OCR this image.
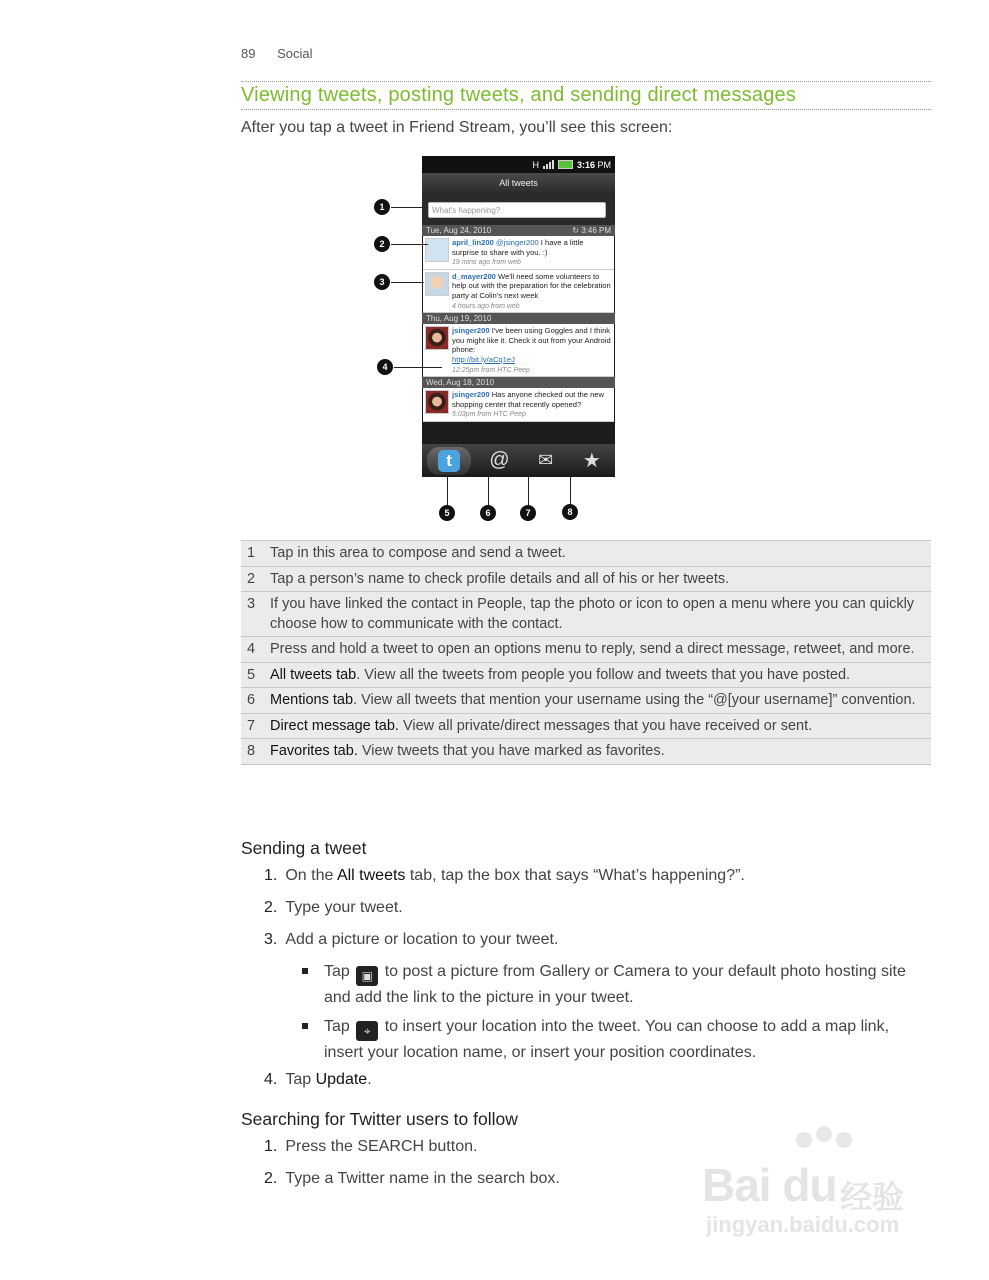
89 Social
Viewing tweets, posting tweets, and sending direct messages
After you tap a tweet in Friend Stream, you’ll see this screen:
H	3:16 PM
All tweets
What's happening?
Tue, Aug 24, 2010	↻ 3:46 PM
april_lin200 @jsinger200 I have a little surprise to share with you. :)
19 mins ago from web
d_mayer200 We'll need some volunteers to help out with the preparation for the celebration party at Colin's next week
4 hours ago from web
Thu, Aug 19, 2010
jsinger200 I've been using Goggles and I think you might like it. Check it out from your Android phone:
http://bit.ly/aCq1eJ
12:25pm from HTC Peep
Wed, Aug 18, 2010
jsinger200 Has anyone checked out the new shopping center that recently opened?
5:03pm from HTC Peep
t	@ ✉ ★
1
2
3
4
5	6	7	8
1	Tap in this area to compose and send a tweet.
2	Tap a person’s name to check profile details and all of his or her tweets.
3	If you have linked the contact in People, tap the photo or icon to open a menu where you can quickly choose how to communicate with the contact.
4	Press and hold a tweet to open an options menu to reply, send a direct message, retweet, and more.
5	All tweets tab. View all the tweets from people you follow and tweets that you have posted.
6	Mentions tab. View all tweets that mention your username using the “@[your username]” convention.
7	Direct message tab. View all private/direct messages that you have received or sent.
8	Favorites tab. View tweets that you have marked as favorites.
Sending a tweet
1. On the All tweets tab, tap the box that says “What’s happening?”.
2. Type your tweet.
3. Add a picture or location to your tweet.
Tap ▣ to post a picture from Gallery or Camera to your default photo hosting site and add the link to the picture in your tweet.
Tap ⌖ to insert your location into the tweet. You can choose to add a map link, insert your location name, or insert your position coordinates.
4. Tap Update.
Searching for Twitter users to follow
1. Press the SEARCH button.
2. Type a Twitter name in the search box.	Bai du 经验
jingyan.baidu.com
